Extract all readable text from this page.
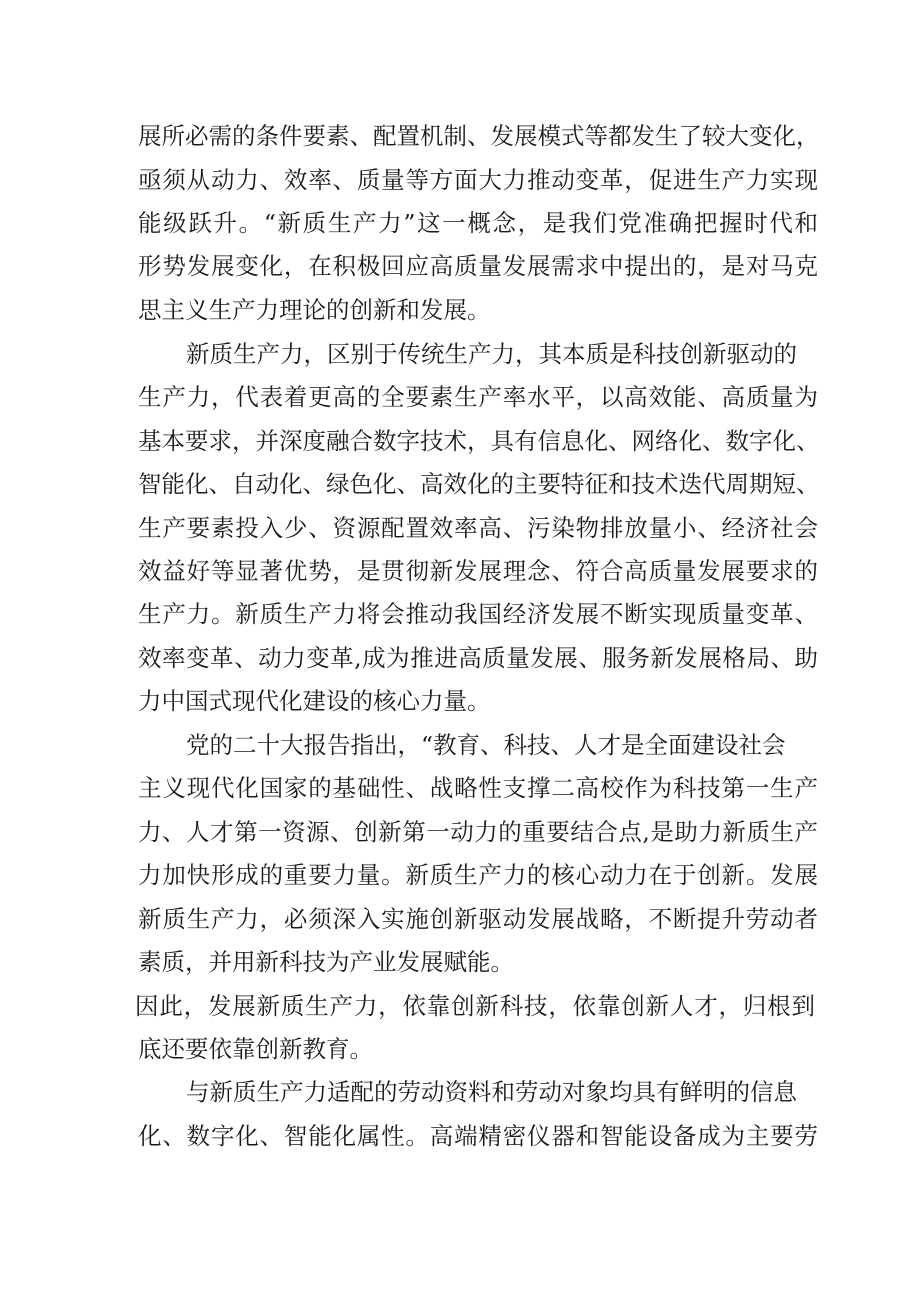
展所必需的条件要素、配置机制、发展模式等都发生了较大变化，
亟须从动力、效率、质量等方面大力推动变革，促进生产力实现
能级跃升。“新质生产力”这一概念，是我们党准确把握时代和
形势发展变化，在积极回应高质量发展需求中提出的，是对马克
思主义生产力理论的创新和发展。
新质生产力，区别于传统生产力，其本质是科技创新驱动的
生产力，代表着更高的全要素生产率水平，以高效能、高质量为
基本要求，并深度融合数字技术，具有信息化、网络化、数字化、
智能化、自动化、绿色化、高效化的主要特征和技术迭代周期短、
生产要素投入少、资源配置效率高、污染物排放量小、经济社会
效益好等显著优势，是贯彻新发展理念、符合高质量发展要求的
生产力。新质生产力将会推动我国经济发展不断实现质量变革、
效率变革、动力变革,成为推进高质量发展、服务新发展格局、助
力中国式现代化建设的核心力量。
党的二十大报告指出，“教育、科技、人才是全面建设社会
主义现代化国家的基础性、战略性支撑二高校作为科技第一生产
力、人才第一资源、创新第一动力的重要结合点,是助力新质生产
力加快形成的重要力量。新质生产力的核心动力在于创新。发展
新质生产力，必须深入实施创新驱动发展战略，不断提升劳动者
素质，并用新科技为产业发展赋能。
因此，发展新质生产力，依靠创新科技，依靠创新人才，归根到
底还要依靠创新教育。
与新质生产力适配的劳动资料和劳动对象均具有鲜明的信息
化、数字化、智能化属性。高端精密仪器和智能设备成为主要劳
